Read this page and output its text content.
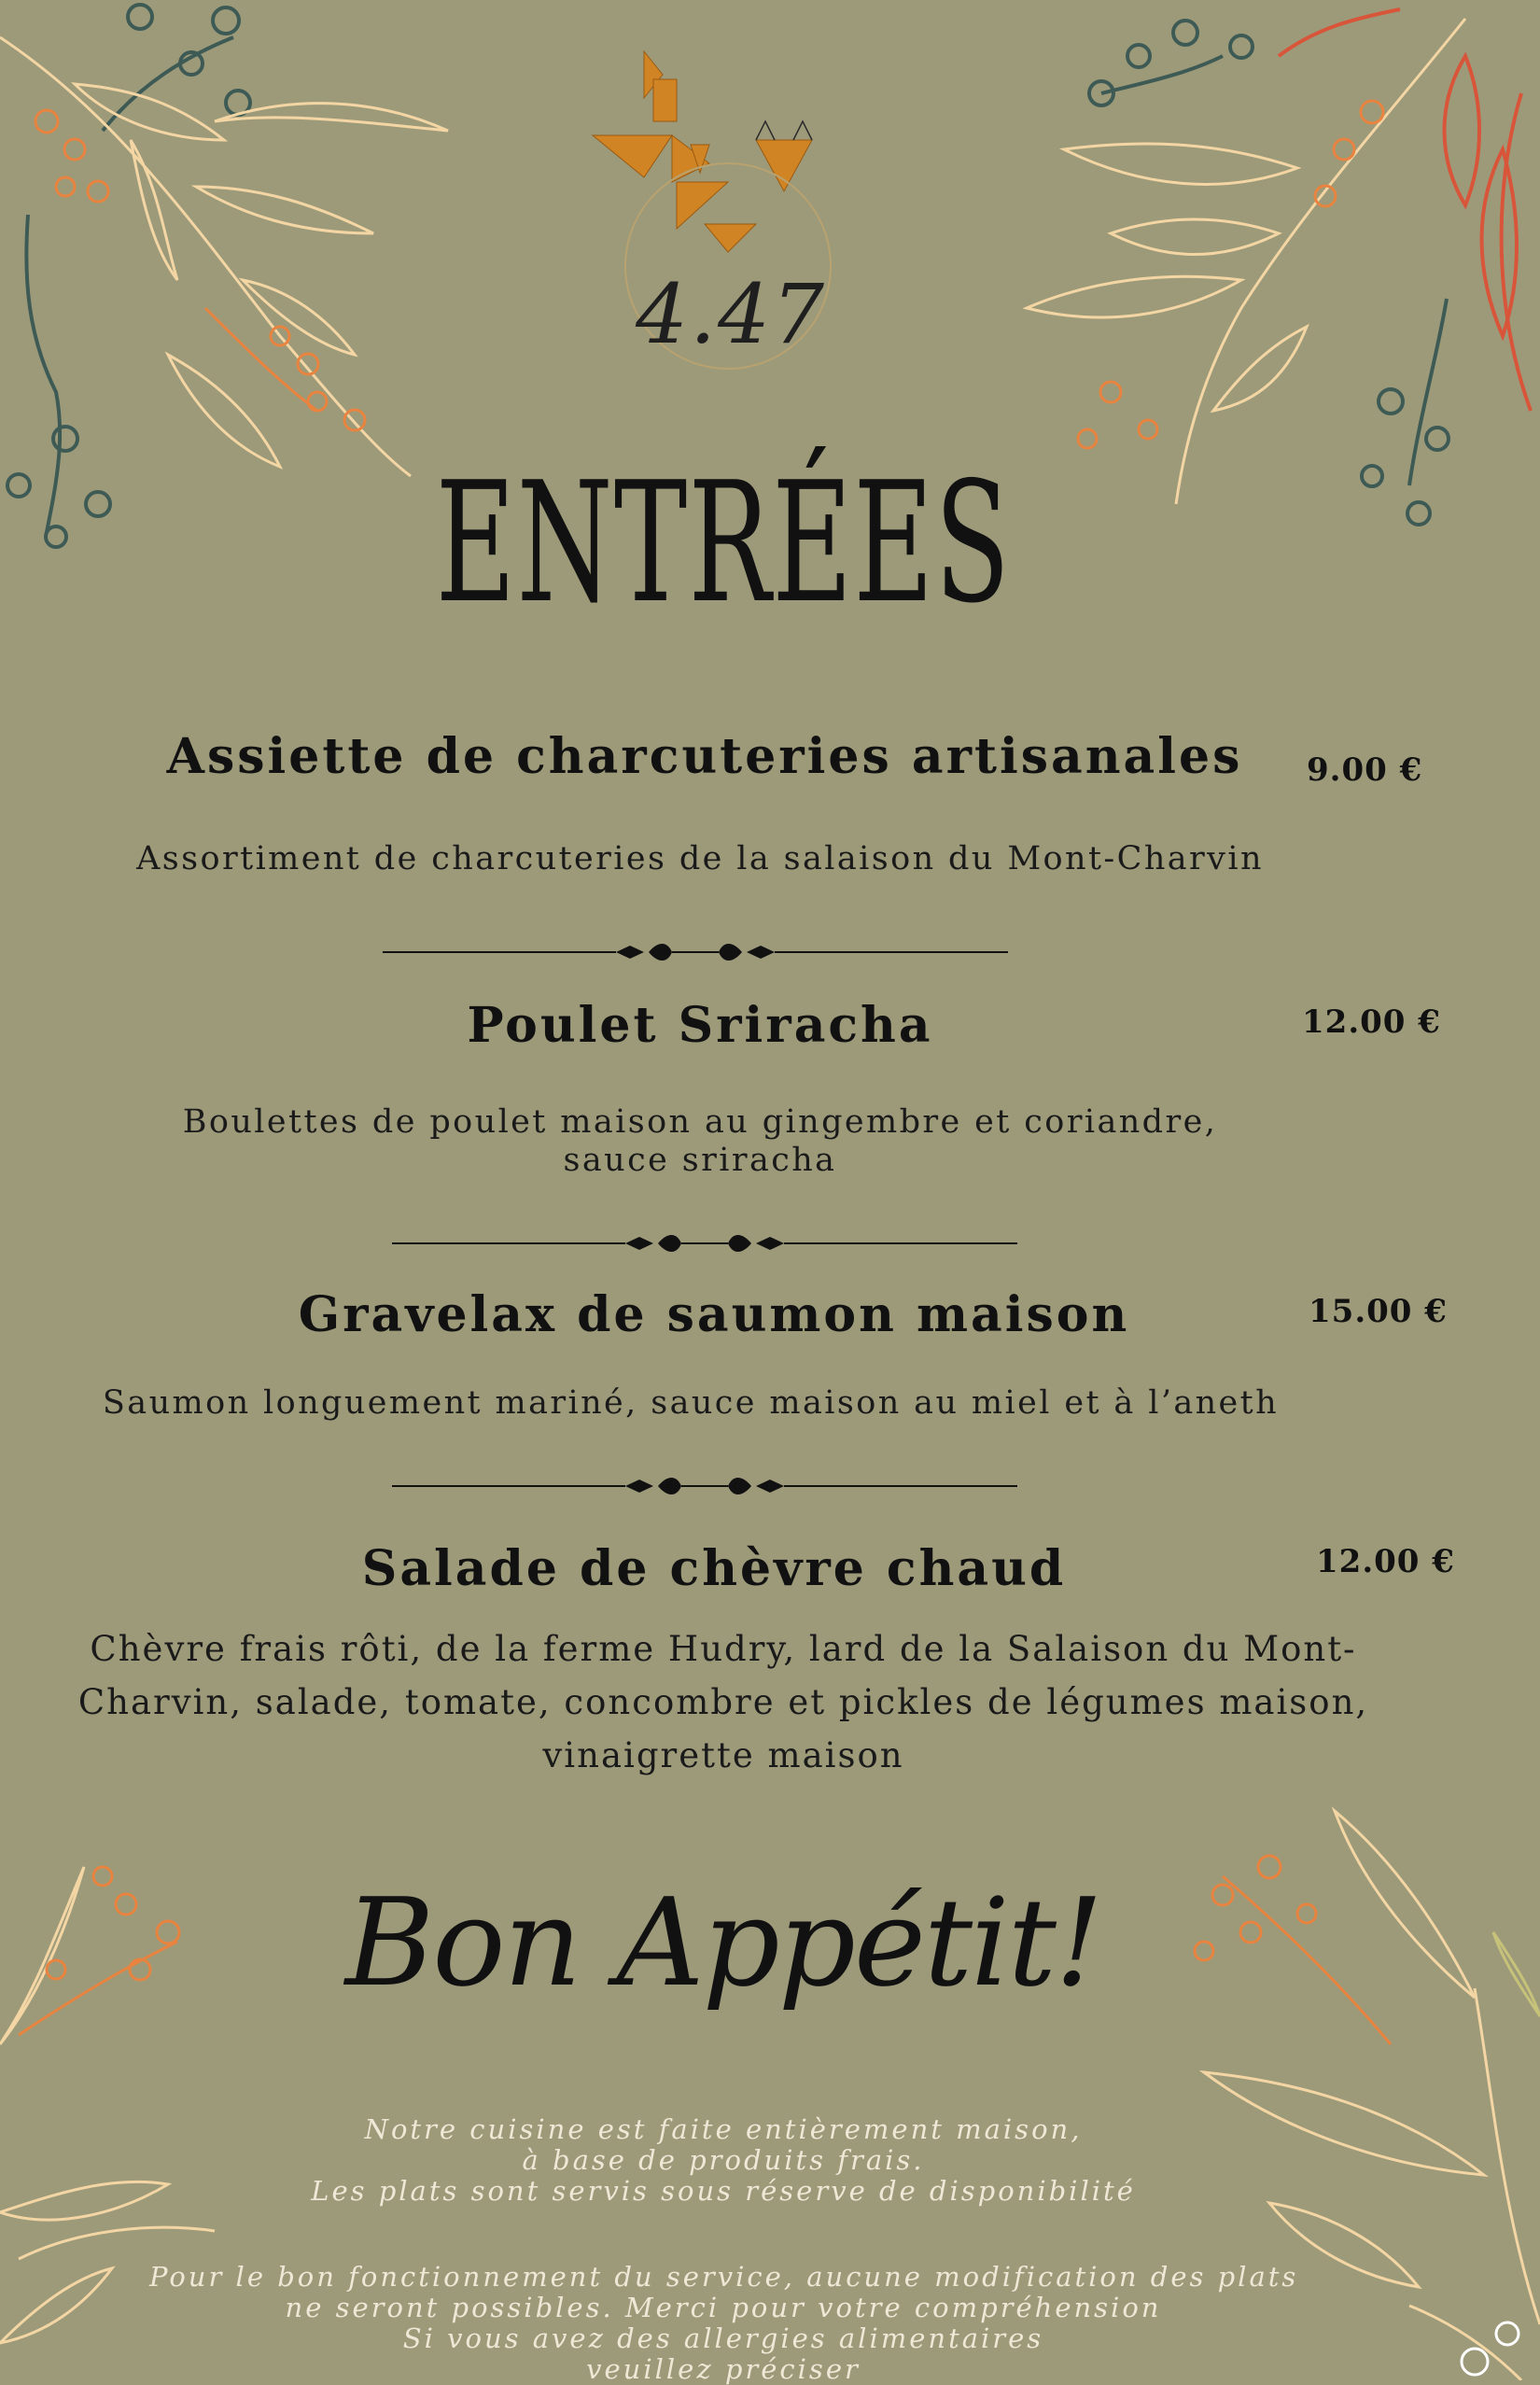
4.47
ENTRÉES
Assiette de charcuteries artisanales	9.00 €
Assortiment de charcuteries de la salaison du Mont-Charvin
Poulet Sriracha	12.00 €
Boulettes de poulet maison au gingembre et coriandre,
sauce sriracha
Gravelax de saumon maison	15.00 €
Saumon longuement mariné, sauce maison au miel et à l’aneth
Salade de chèvre chaud	12.00 €
Chèvre frais rôti, de la ferme Hudry, lard de la Salaison du Mont-
Charvin, salade, tomate, concombre et pickles de légumes maison,
vinaigrette maison
Bon Appétit!
Notre cuisine est faite entièrement maison,
à base de produits frais.
Les plats sont servis sous réserve de disponibilité
Pour le bon fonctionnement du service, aucune modification des plats
ne seront possibles. Merci pour votre compréhension
Si vous avez des allergies alimentaires
veuillez préciser
